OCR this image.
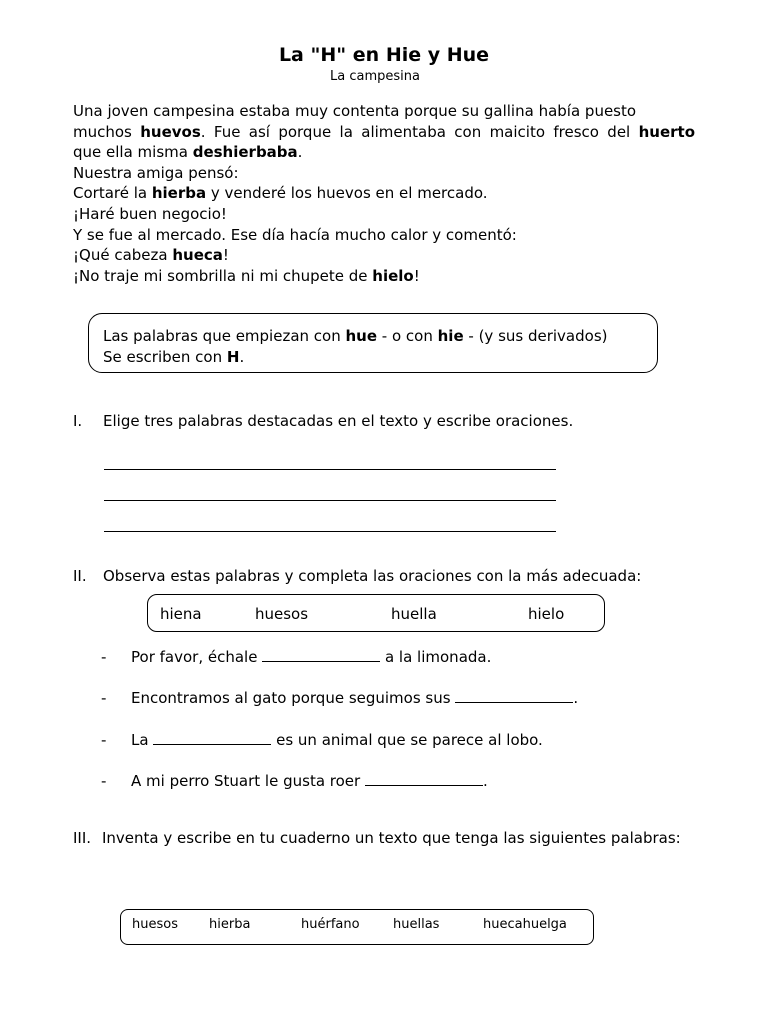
La "H" en Hie y Hue
La campesina

Una joven campesina estaba muy contenta porque su gallina había puesto

muchos huevos. Fue así porque la alimentaba con maicito fresco del huerto

que ella misma deshierbaba.

Nuestra amiga pensó:

Cortaré la hierba y venderé los huevos en el mercado.

¡Haré buen negocio!

Y se fue al mercado. Ese día hacía mucho calor y comentó:

¡Qué cabeza hueca!

¡No traje mi sombrilla ni mi chupete de hielo!

Las palabras que empiezan con hue - o con hie - (y sus derivados)
Se escriben con H.
I. Elige tres palabras destacadas en el texto y escribe oraciones.
II. Observa estas palabras y completa las oraciones con la más adecuada:
hiena	huesos	huella	hielo
- Por favor, échale	a la limonada.
- Encontramos al gato porque seguimos sus	.
- La	es un animal que se parece al lobo.
- A mi perro Stuart le gusta roer	.
III. Inventa y escribe en tu cuaderno un texto que tenga las siguientes palabras:
huesos hierba	huérfano	huellas	huecahuelga
